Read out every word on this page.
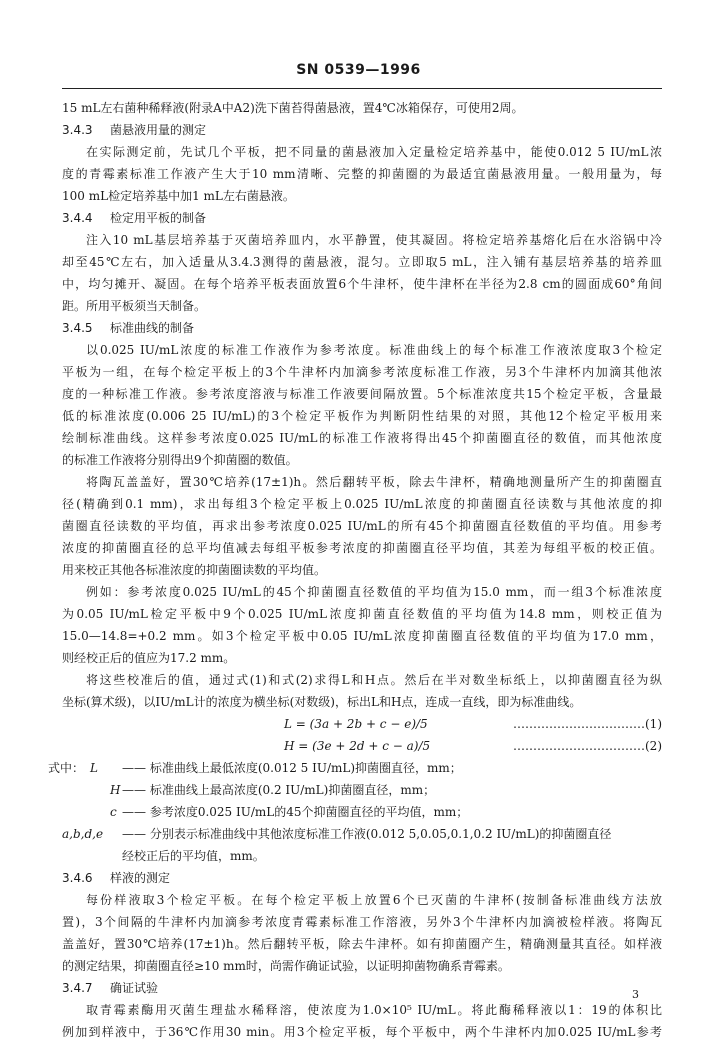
SN 0539—1996
15 mL左右菌种稀释液(附录A中A2)洗下菌苔得菌悬液，置4℃冰箱保存，可使用2周。
3.4.3 菌悬液用量的测定
在实际测定前，先试几个平板，把不同量的菌悬液加入定量检定培养基中，能使0.012 5 IU/mL浓
度的青霉素标准工作液产生大于10 mm清晰、完整的抑菌圈的为最适宜菌悬液用量。一般用量为，每
100 mL检定培养基中加1 mL左右菌悬液。
3.4.4 检定用平板的制备
注入10 mL基层培养基于灭菌培养皿内，水平静置，使其凝固。将检定培养基熔化后在水浴锅中冷
却至45℃左右，加入适量从3.4.3测得的菌悬液，混匀。立即取5 mL，注入铺有基层培养基的培养皿
中，均匀摊开、凝固。在每个培养平板表面放置6个牛津杯，使牛津杯在半径为2.8 cm的圆面成60°角间
距。所用平板须当天制备。
3.4.5 标准曲线的制备
以0.025 IU/mL浓度的标准工作液作为参考浓度。标准曲线上的每个标准工作液浓度取3个检定
平板为一组，在每个检定平板上的3个牛津杯内加滴参考浓度标准工作液，另3个牛津杯内加滴其他浓
度的一种标准工作液。参考浓度溶液与标准工作液要间隔放置。5个标准浓度共15个检定平板，含量最
低的标准浓度(0.006 25 IU/mL)的3个检定平板作为判断阴性结果的对照，其他12个检定平板用来
绘制标准曲线。这样参考浓度0.025 IU/mL的标准工作液将得出45个抑菌圈直径的数值，而其他浓度
的标准工作液将分别得出9个抑菌圈的数值。
将陶瓦盖盖好，置30℃培养(17±1)h。然后翻转平板，除去牛津杯，精确地测量所产生的抑菌圈直
径(精确到0.1 mm)，求出每组3个检定平板上0.025 IU/mL浓度的抑菌圈直径读数与其他浓度的抑
菌圈直径读数的平均值，再求出参考浓度0.025 IU/mL的所有45个抑菌圈直径数值的平均值。用参考
浓度的抑菌圈直径的总平均值减去每组平板参考浓度的抑菌圈直径平均值，其差为每组平板的校正值。
用来校正其他各标准浓度的抑菌圈读数的平均值。
例如：参考浓度0.025 IU/mL的45个抑菌圈直径数值的平均值为15.0 mm，而一组3个标准浓度
为0.05 IU/mL检定平板中9个0.025 IU/mL浓度抑菌直径数值的平均值为14.8 mm，则校正值为
15.0—14.8=+0.2 mm。如3个检定平板中0.05 IU/mL浓度抑菌圈直径数值的平均值为17.0 mm，
则经校正后的值应为17.2 mm。
将这些校准后的值，通过式(1)和式(2)求得L和H点。然后在半对数坐标纸上，以抑菌圈直径为纵
坐标(算术级)，以IU/mL计的浓度为横坐标(对数级)，标出L和H点，连成一直线，即为标准曲线。
L = (3a + 2b + c − e)/5	……………………………(1)
H = (3e + 2d + c − a)/5	……………………………(2)
式中： L —— 标准曲线上最低浓度(0.012 5 IU/mL)抑菌圈直径，mm；
H —— 标准曲线上最高浓度(0.2 IU/mL)抑菌圈直径，mm；
c —— 参考浓度0.025 IU/mL的45个抑菌圈直径的平均值，mm；
a,b,d,e —— 分别表示标准曲线中其他浓度标准工作液(0.012 5,0.05,0.1,0.2 IU/mL)的抑菌圈直径
经校正后的平均值，mm。
3.4.6 样液的测定
每份样液取3个检定平板。在每个检定平板上放置6个已灭菌的牛津杯(按制备标准曲线方法放
置)，3个间隔的牛津杯内加滴参考浓度青霉素标准工作溶液，另外3个牛津杯内加滴被检样液。将陶瓦
盖盖好，置30℃培养(17±1)h。然后翻转平板，除去牛津杯。如有抑菌圈产生，精确测量其直径。如样液
的测定结果，抑菌圈直径≥10 mm时，尚需作确证试验，以证明抑菌物确系青霉素。
3.4.7 确证试验
取青霉素酶用灭菌生理盐水稀释溶，使浓度为1.0×10⁵ IU/mL。将此酶稀释液以1：19的体积比
例加到样液中，于36℃作用30 min。用3个检定平板，每个平板中，两个牛津杯内加0.025 IU/mL参考
3
